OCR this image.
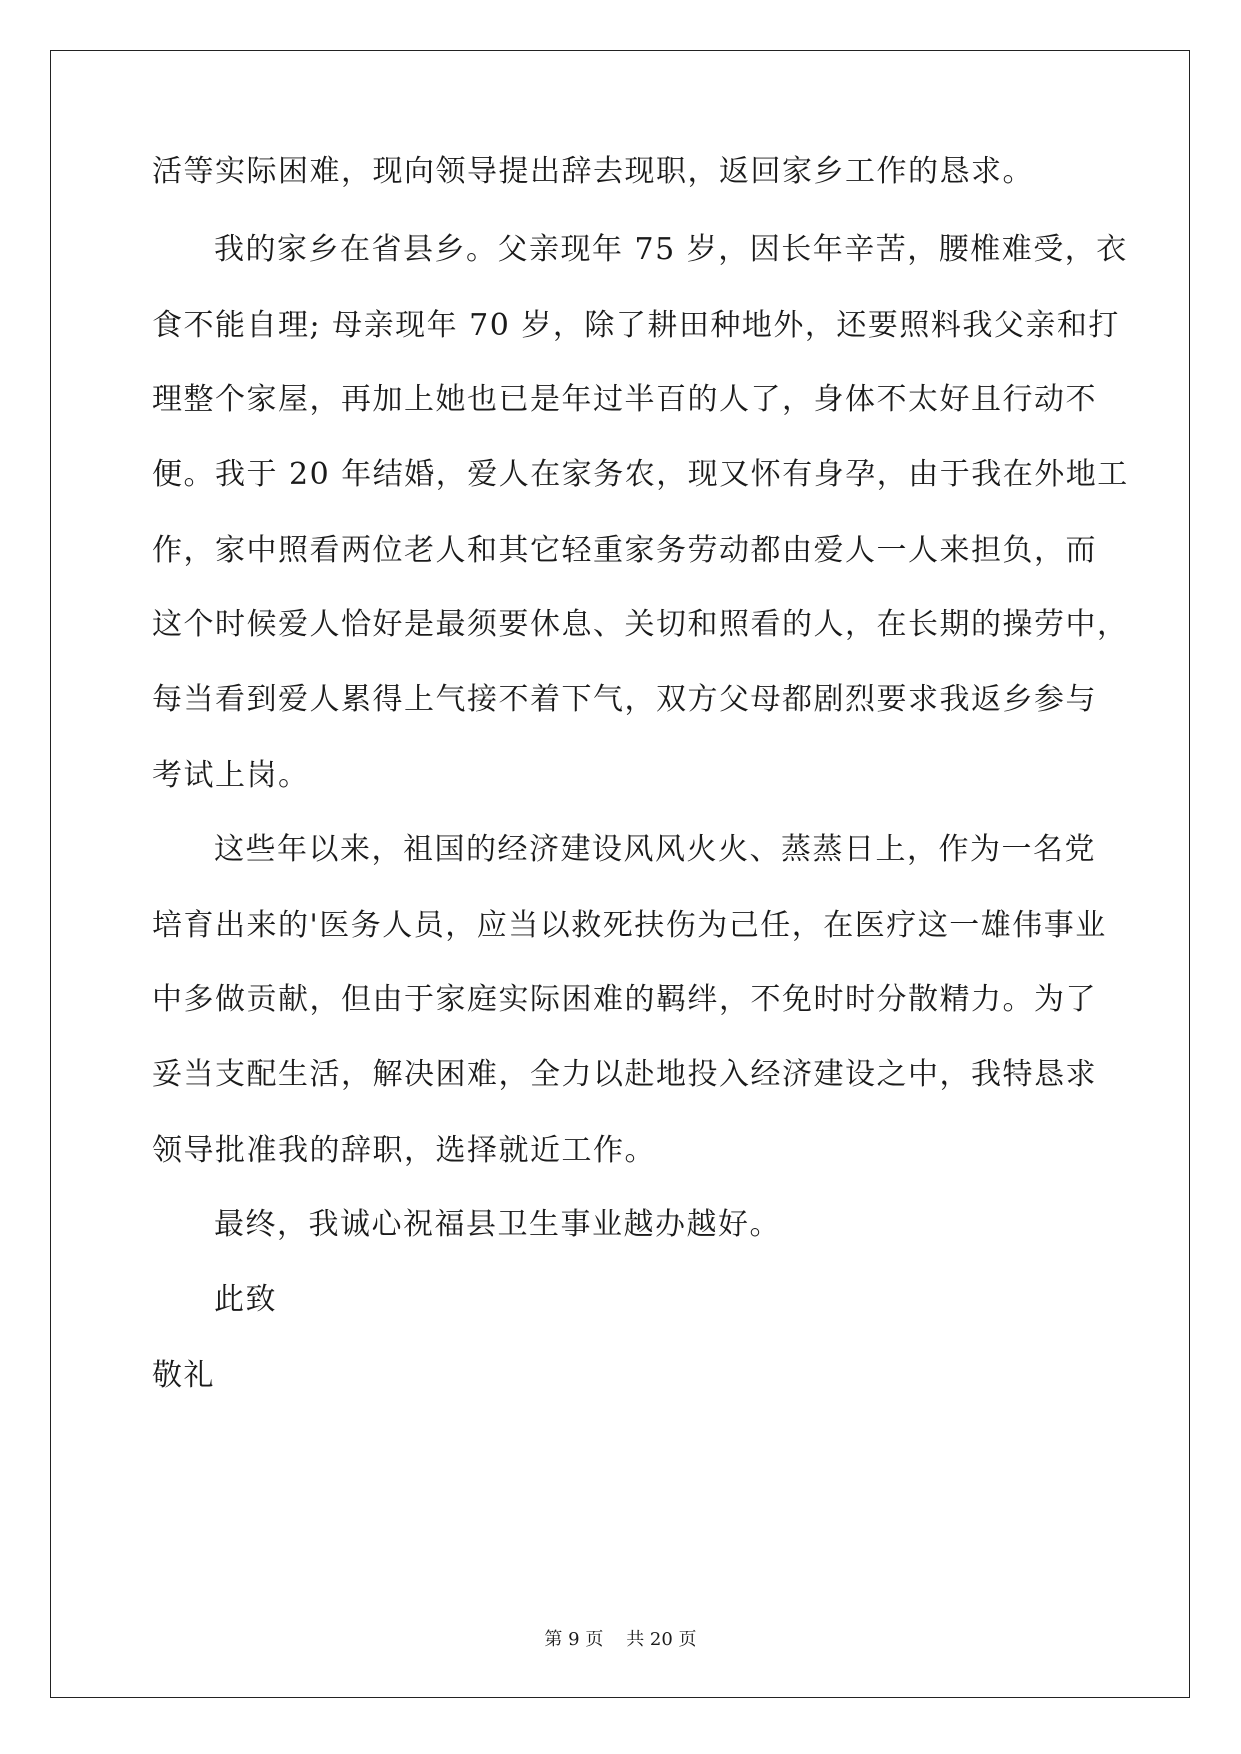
活等实际困难，现向领导提出辞去现职，返回家乡工作的恳求。
我的家乡在省县乡。父亲现年 75 岁，因长年辛苦，腰椎难受，衣
食不能自理; 母亲现年 70 岁，除了耕田种地外，还要照料我父亲和打
理整个家屋，再加上她也已是年过半百的人了，身体不太好且行动不
便。我于 20 年结婚，爱人在家务农，现又怀有身孕，由于我在外地工
作，家中照看两位老人和其它轻重家务劳动都由爱人一人来担负，而
这个时候爱人恰好是最须要休息、关切和照看的人，在长期的操劳中，
每当看到爱人累得上气接不着下气，双方父母都剧烈要求我返乡参与
考试上岗。
这些年以来，祖国的经济建设风风火火、蒸蒸日上，作为一名党
培育出来的'医务人员，应当以救死扶伤为己任，在医疗这一雄伟事业
中多做贡献，但由于家庭实际困难的羁绊，不免时时分散精力。为了
妥当支配生活，解决困难，全力以赴地投入经济建设之中，我特恳求
领导批准我的辞职，选择就近工作。
最终，我诚心祝福县卫生事业越办越好。
此致
敬礼
第 9 页    共 20 页
